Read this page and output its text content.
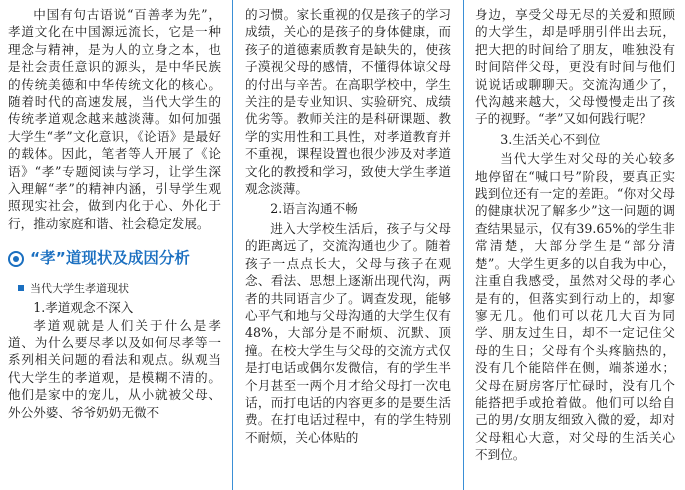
中国有句古语说“百善孝为先”，孝道文化在中国源远流长，它是一种理念与精神，是为人的立身之本，也是社会责任意识的源头，是中华民族的传统美德和中华传统文化的核心。随着时代的高速发展，当代大学生的传统孝道观念越来越淡薄。如何加强大学生“孝”文化意识，《论语》是最好的载体。因此，笔者等人开展了《论语》“孝”专题阅读与学习，让学生深入理解“孝”的精神内涵，引导学生观照现实社会，做到内化于心、外化于行，推动家庭和谐、社会稳定发展。

“孝”道现状及成因分析
当代大学生孝道现状

1.孝道观念不深入

孝道观就是人们关于什么是孝道、为什么要尽孝以及如何尽孝等一系列相关问题的看法和观点。纵观当代大学生的孝道观，是模糊不清的。他们是家中的宠儿，从小就被父母、外公外婆、爷爷奶奶无微不

的习惯。家长重视的仅是孩子的学习成绩，关心的是孩子的身体健康，而孩子的道德素质教育是缺失的，使孩子漠视父母的感情，不懂得体谅父母的付出与辛苦。在高职学校中，学生关注的是专业知识、实验研究、成绩优劣等。教师关注的是科研课题、教学的实用性和工具性，对孝道教育并不重视，课程设置也很少涉及对孝道文化的教授和学习，致使大学生孝道观念淡薄。

2.语言沟通不畅

进入大学校生活后，孩子与父母的距离远了，交流沟通也少了。随着孩子一点点长大，父母与孩子在观念、看法、思想上逐渐出现代沟，两者的共同语言少了。调查发现，能够心平气和地与父母沟通的大学生仅有48%，大部分是不耐烦、沉默、顶撞。在校大学生与父母的交流方式仅是打电话或偶尔发微信，有的学生半个月甚至一两个月才给父母打一次电话，而打电话的内容更多的是要生活费。在打电话过程中，有的学生特别不耐烦，关心体贴的

身边，享受父母无尽的关爱和照顾的大学生，却是呼朋引伴出去玩，把大把的时间给了朋友，唯独没有时间陪伴父母，更没有时间与他们说说话或聊聊天。交流沟通少了，代沟越来越大，父母慢慢走出了孩子的视野。“孝”又如何践行呢？

3.生活关心不到位

当代大学生对父母的关心较多地停留在“喊口号”阶段，要真正实践到位还有一定的差距。“你对父母的健康状况了解多少”这一问题的调查结果显示，仅有39.65%的学生非常清楚，大部分学生是“部分清楚”。大学生更多的以自我为中心，注重自我感受，虽然对父母的孝心是有的，但落实到行动上的，却寥寥无几。他们可以花几大百为同学、朋友过生日，却不一定记住父母的生日；父母有个头疼脑热的，没有几个能陪伴在侧，端茶递水；父母在厨房客厅忙碌时，没有几个能搭把手或抢着做。他们可以给自己的男/女朋友细致入微的爱，却对父母粗心大意，对父母的生活关心不到位。
